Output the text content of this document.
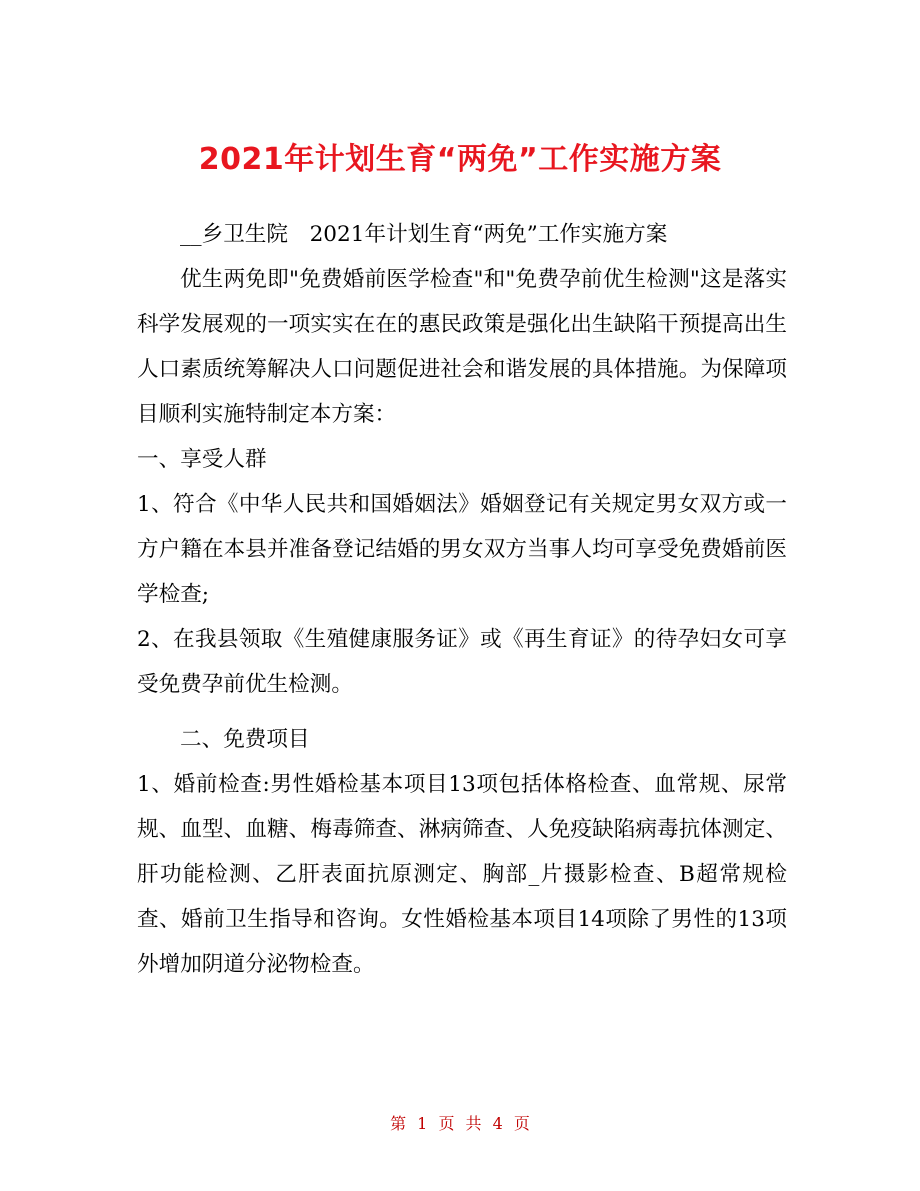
2021年计划生育“两免”工作实施方案

__乡卫生院　2021年计划生育“两免”工作实施方案

优生两免即"免费婚前医学检查"和"免费孕前优生检测"这是落实科学发展观的一项实实在在的惠民政策是强化出生缺陷干预提高出生人口素质统筹解决人口问题促进社会和谐发展的具体措施。为保障项目顺利实施特制定本方案：

一、享受人群

1、符合《中华人民共和国婚姻法》婚姻登记有关规定男女双方或一方户籍在本县并准备登记结婚的男女双方当事人均可享受免费婚前医学检查;

2、在我县领取《生殖健康服务证》或《再生育证》的待孕妇女可享受免费孕前优生检测。

二、免费项目

1、婚前检查:男性婚检基本项目13项包括体格检查、血常规、尿常规、血型、血糖、梅毒筛查、淋病筛查、人免疫缺陷病毒抗体测定、肝功能检测、乙肝表面抗原测定、胸部_片摄影检查、B超常规检查、婚前卫生指导和咨询。女性婚检基本项目14项除了男性的13项外增加阴道分泌物检查。

第 1 页 共 4 页
